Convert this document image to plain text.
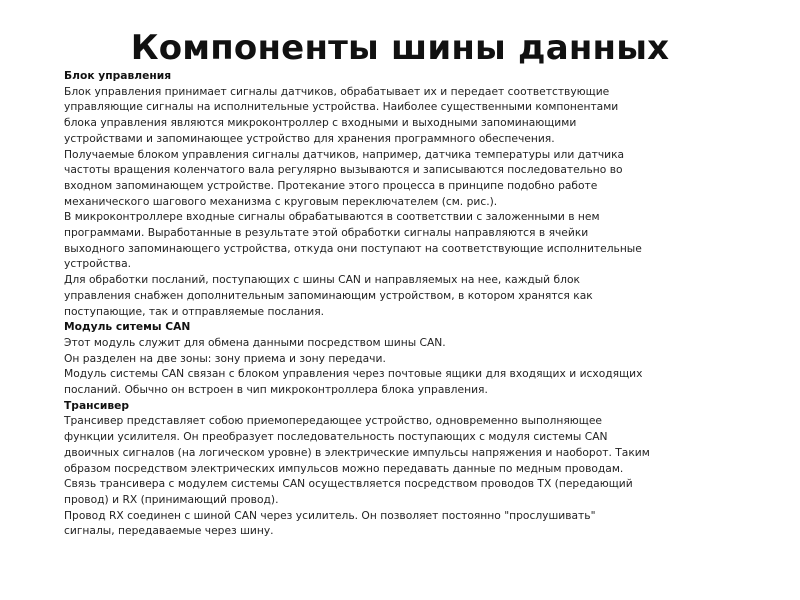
Компоненты шины данных

Блок управления

Блок управления принимает сигналы датчиков, обрабатывает их и передает соответствующие

управляющие сигналы на исполнительные устройства. Наиболее существенными компонентами

блока управления являются микроконтроллер с входными и выходными запоминающими

устройствами и запоминающее устройство для хранения программного обеспечения.

Получаемые блоком управления сигналы датчиков, например, датчика температуры или датчика

частоты вращения коленчатого вала регулярно вызываются и записываются последовательно во

входном запоминающем устройстве. Протекание этого процесса в принципе подобно работе

механического шагового механизма с круговым переключателем (см. рис.).

В микроконтроллере входные сигналы обрабатываются в соответствии с заложенными в нем

программами. Выработанные в результате этой обработки сигналы направляются в ячейки

выходного запоминающего устройства, откуда они поступают на соответствующие исполнительные

устройства.

Для обработки посланий, поступающих с шины CAN и направляемых на нее, каждый блок

управления снабжен дополнительным запоминающим устройством, в котором хранятся как

поступающие, так и отправляемые послания.

Модуль ситемы CAN

Этот модуль служит для обмена данными посредством шины CAN.

Он разделен на две зоны: зону приема и зону передачи.

Модуль системы CAN связан с блоком управления через почтовые ящики для входящих и исходящих

посланий. Обычно он встроен в чип микроконтроллера блока управления.

Трансивер

Трансивер представляет собою приемопередающее устройство, одновременно выполняющее

функции усилителя. Он преобразует последовательность поступающих с модуля системы CAN

двоичных сигналов (на логическом уровне) в электрические импульсы напряжения и наоборот. Таким

образом посредством электрических импульсов можно передавать данные по медным проводам.

Связь трансивера с модулем системы CAN осуществляется посредством проводов TX (передающий

провод) и RX (принимающий провод).

Провод RX соединен с шиной CAN через усилитель. Он позволяет постоянно "прослушивать"

сигналы, передаваемые через шину.
